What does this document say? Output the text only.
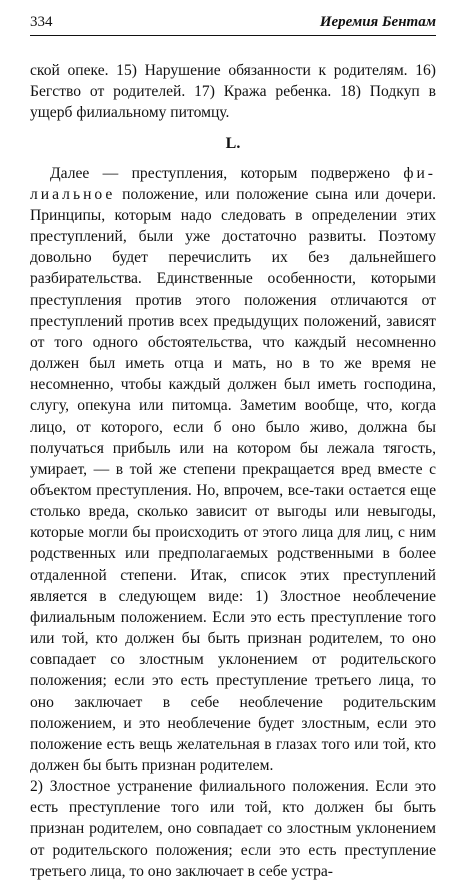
334	Иеремия Бентам

ской опеке. 15) Нарушение обязанности к родителям. 16) Бегство от родителей. 17) Кража ребенка. 18) Подкуп в ущерб филиальному питомцу.

L.

Далее — преступления, которым подвержено фи- лиальное положение, или положение сына или дочери. Принципы, которым надо следовать в определении этих преступлений, были уже достаточно развиты. Поэтому довольно будет перечислить их без дальнейшего разбирательства. Единственные особенности, которыми преступления против этого положения отличаются от преступлений против всех предыдущих положений, зависят от того одного обстоятельства, что каждый несомненно должен был иметь отца и мать, но в то же время не несомненно, чтобы каждый должен был иметь господина, слугу, опекуна или питомца. Заметим вообще, что, когда лицо, от которого, если б оно было живо, должна бы получаться прибыль или на котором бы лежала тягость, умирает, — в той же степени прекращается вред вместе с объектом преступления. Но, впрочем, все-таки остается еще столько вреда, сколько зависит от выгоды или невыгоды, которые могли бы происходить от этого лица для лиц, с ним родственных или предполагаемых родственными в более отдаленной степени. Итак, список этих преступлений является в следующем виде: 1) Злостное необлечение филиальным положением. Если это есть преступление того или той, кто должен бы быть признан родителем, то оно совпадает со злостным уклонением от родительского положения; если это есть преступление третьего лица, то оно заключает в себе необлечение родительским положением, и это необлечение будет злостным, если это положение есть вещь желательная в глазах того или той, кто должен бы быть признан родителем.

2) Злостное устранение филиального положения. Если это есть преступление того или той, кто должен бы быть признан родителем, оно совпадает со злостным уклонением от родительского положения; если это есть преступление третьего лица, то оно заключает в себе устра-
